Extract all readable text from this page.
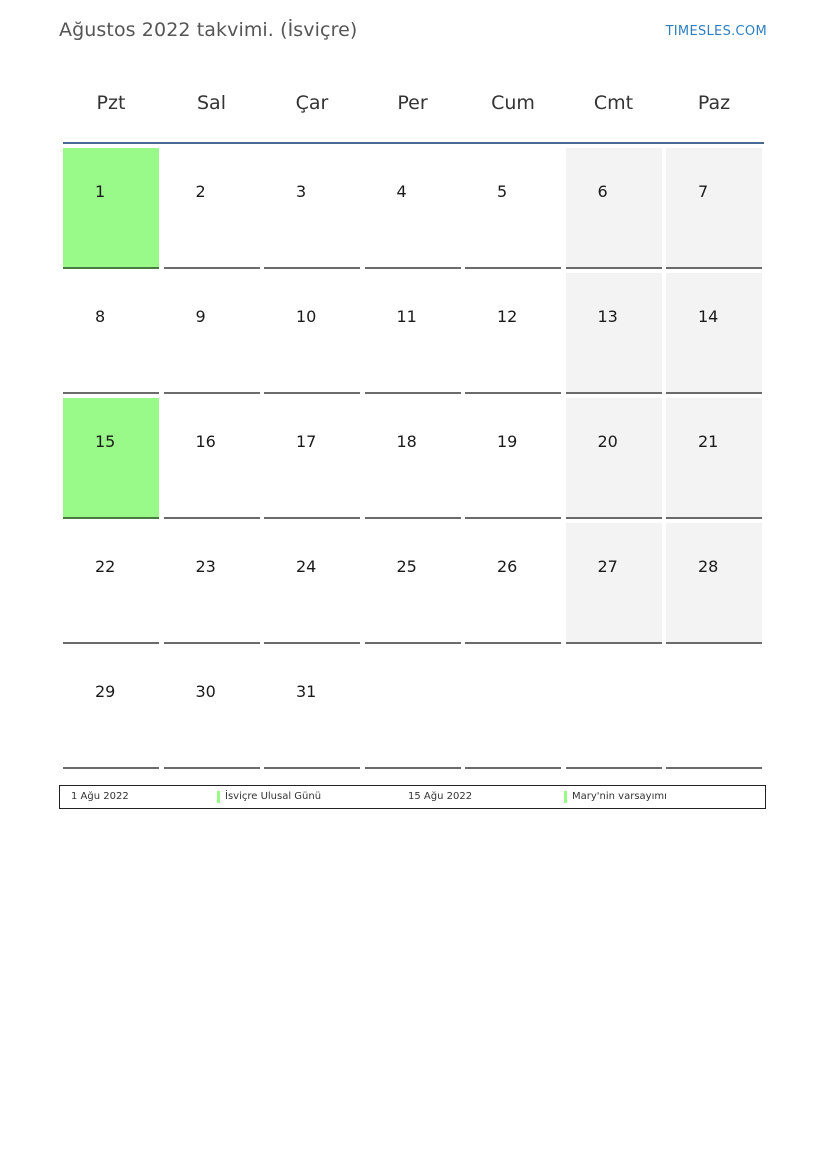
Ağustos 2022 takvimi. (İsviçre)	TIMESLES.COM
Pzt	Sal	Çar	Per	Cum	Cmt	Paz
1	2	3	4	5	6	7
8	9	10	11	12	13	14
15	16	17	18	19	20	21
22	23	24	25	26	27	28
29	30	31
1 Ağu 2022	İsviçre Ulusal Günü	15 Ağu 2022	Mary'nin varsayımı
